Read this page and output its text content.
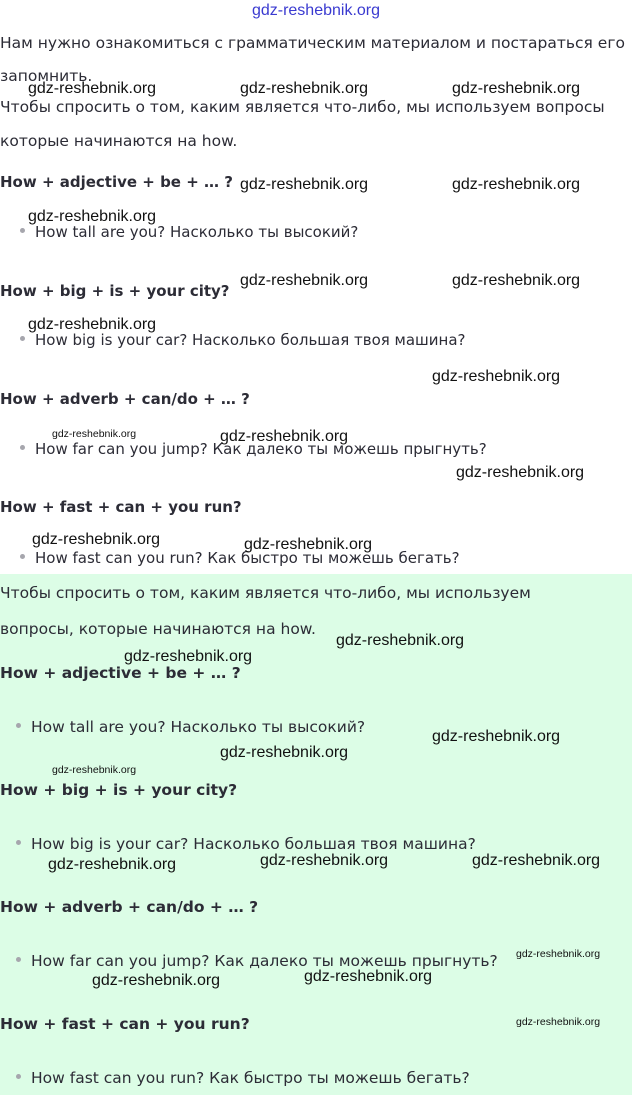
gdz-reshebnik.org
Нам нужно ознакомиться с грамматическим материалом и постараться его
запомнить.
Чтобы спросить о том, каким является что-либо, мы используем вопросы
которые начинаются на how.
How + adjective + be + … ?
How tall are you? Насколько ты высокий?
How + big + is + your city?
How big is your car? Насколько большая твоя машина?
How + adverb + can/do + … ?
How far can you jump? Как далеко ты можешь прыгнуть?
How + fast + can + you run?
How fast can you run? Как быстро ты можешь бегать?
Чтобы спросить о том, каким является что-либо, мы используем
вопросы, которые начинаются на how.
How + adjective + be + … ?
How tall are you? Насколько ты высокий?
How + big + is + your city?
How big is your car? Насколько большая твоя машина?
How + adverb + can/do + … ?
How far can you jump? Как далеко ты можешь прыгнуть?
How + fast + can + you run?
How fast can you run? Как быстро ты можешь бегать?
gdz-reshebnik.org	gdz-reshebnik.org	gdz-reshebnik.org
gdz-reshebnik.org	gdz-reshebnik.org
gdz-reshebnik.org
gdz-reshebnik.org	gdz-reshebnik.org
gdz-reshebnik.org
gdz-reshebnik.org
gdz-reshebnik.org	gdz-reshebnik.org
gdz-reshebnik.org
gdz-reshebnik.org	gdz-reshebnik.org
gdz-reshebnik.org
gdz-reshebnik.org
gdz-reshebnik.org
gdz-reshebnik.org
gdz-reshebnik.org
gdz-reshebnik.org	gdz-reshebnik.org	gdz-reshebnik.org
gdz-reshebnik.org
gdz-reshebnik.org	gdz-reshebnik.org
gdz-reshebnik.org
